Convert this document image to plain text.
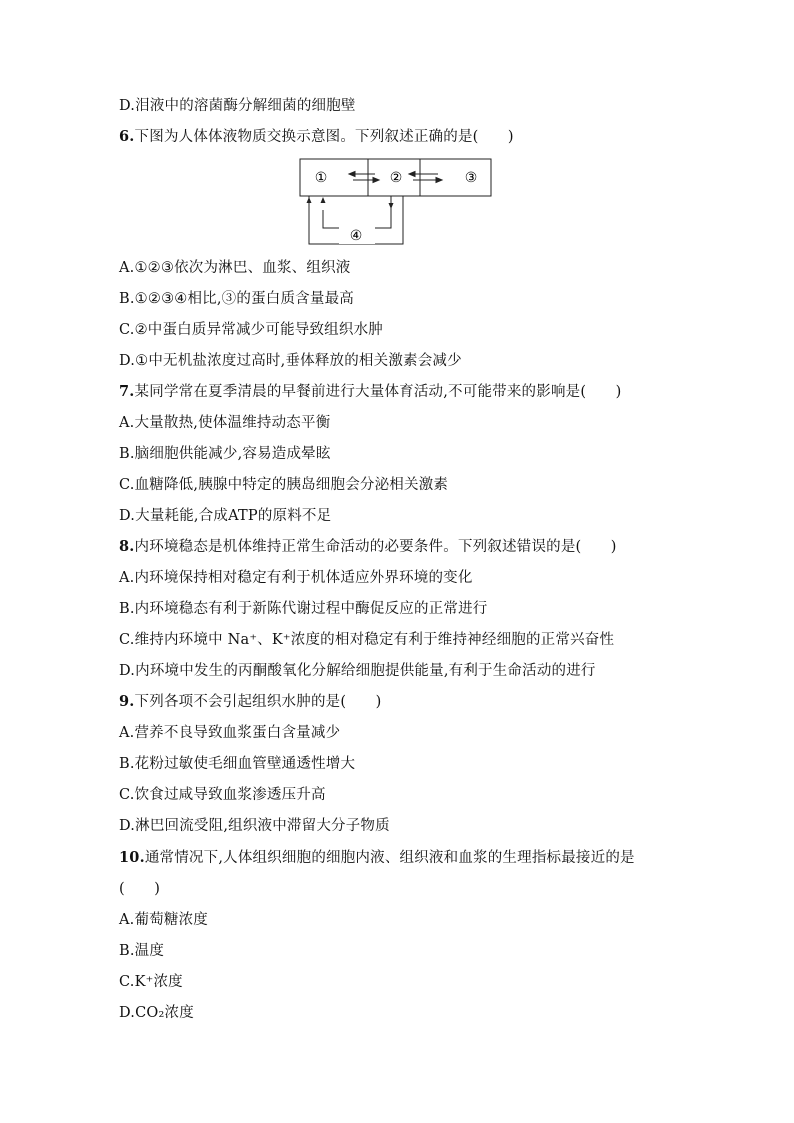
D.泪液中的溶菌酶分解细菌的细胞壁
6.下图为人体体液物质交换示意图。下列叙述正确的是(　　)
①	②	③
④
A.①②③依次为淋巴、血浆、组织液
B.①②③④相比,③的蛋白质含量最高
C.②中蛋白质异常减少可能导致组织水肿
D.①中无机盐浓度过高时,垂体释放的相关激素会减少
7.某同学常在夏季清晨的早餐前进行大量体育活动,不可能带来的影响是(　　)
A.大量散热,使体温维持动态平衡
B.脑细胞供能减少,容易造成晕眩
C.血糖降低,胰腺中特定的胰岛细胞会分泌相关激素
D.大量耗能,合成ATP的原料不足
8.内环境稳态是机体维持正常生命活动的必要条件。下列叙述错误的是(　　)
A.内环境保持相对稳定有利于机体适应外界环境的变化
B.内环境稳态有利于新陈代谢过程中酶促反应的正常进行
C.维持内环境中 Na⁺、K⁺浓度的相对稳定有利于维持神经细胞的正常兴奋性
D.内环境中发生的丙酮酸氧化分解给细胞提供能量,有利于生命活动的进行
9.下列各项不会引起组织水肿的是(　　)
A.营养不良导致血浆蛋白含量减少
B.花粉过敏使毛细血管壁通透性增大
C.饮食过咸导致血浆渗透压升高
D.淋巴回流受阻,组织液中滞留大分子物质
10.通常情况下,人体组织细胞的细胞内液、组织液和血浆的生理指标最接近的是
(　　)
A.葡萄糖浓度
B.温度
C.K⁺浓度
D.CO₂浓度
